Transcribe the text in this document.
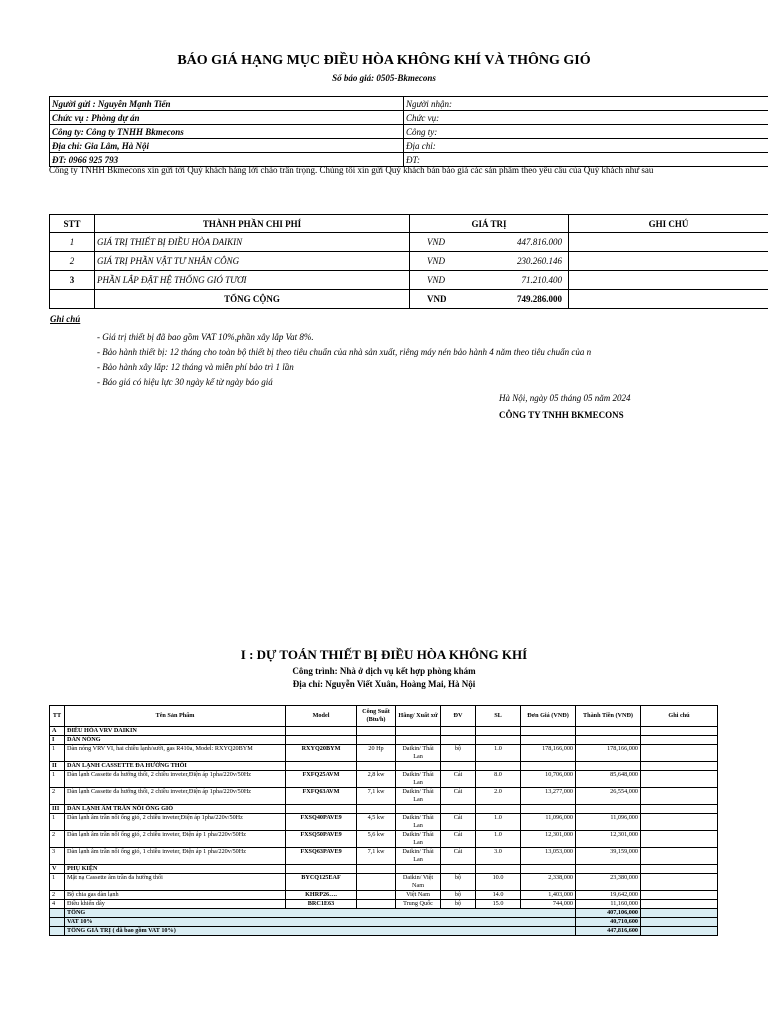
BÁO GIÁ HẠNG MỤC ĐIỀU HÒA KHÔNG KHÍ VÀ THÔNG GIÓ
Số báo giá: 0505-Bkmecons
Người gửi : Nguyễn Mạnh Tiến	Người nhận:
Chức vụ : Phòng dự án	Chức vụ:
Công ty: Công ty TNHH Bkmecons	Công ty:
Địa chỉ: Gia Lâm, Hà Nội	Địa chỉ:
ĐT: 0966 925 793	ĐT:
Công ty TNHH Bkmecons xin gửi tới Quý khách hàng lời chào trân trọng. Chúng tôi xin gửi Quý khách bản báo giá các sản phẩm theo yêu cầu của Quý khách như sau
STT	THÀNH PHẦN CHI PHÍ	GIÁ TRỊ	GHI CHÚ
1	GIÁ TRỊ THIẾT BỊ ĐIỀU HÒA DAIKIN	VND 447.816.000	

2	GIÁ TRỊ PHẦN VẬT TƯ NHÂN CÔNG	VND 230.260.146	

3	PHẦN LẮP ĐẶT HỆ THỐNG GIÓ TƯƠI	VND 71.210.400	

	TỔNG CỘNG	VND 749.286.000	

Ghi chú
- Giá trị thiết bị đã bao gồm VAT 10%,phần xây lắp Vat 8%.
- Bảo hành thiết bị: 12 tháng cho toàn bộ thiết bị theo tiêu chuẩn của nhà sản xuất, riêng máy nén bảo hành 4 năm theo tiêu chuẩn của n
- Bảo hành xây lắp: 12 tháng và miễn phí bảo trì 1 lần
- Báo giá có hiệu lực 30 ngày kể từ ngày báo giá
Hà Nội, ngày 05 tháng 05 năm 2024
CÔNG TY TNHH BKMECONS
I : DỰ TOÁN THIẾT BỊ ĐIỀU HÒA KHÔNG KHÍ
Công trình: Nhà ở dịch vụ kết hợp phòng khám
Địa chỉ: Nguyễn Viết Xuân, Hoàng Mai, Hà Nội
TT	Tên Sản Phẩm	Model	Công Suất (Btu/h)	Hãng/ Xuất xứ	ĐV	SL	Đơn Giá (VNĐ)	Thành Tiền (VNĐ)	Ghi chú
A	ĐIỀU HÒA VRV DAIKIN								
I	DÀN NÓNG								
1	Dàn nóng VRV VI, hai chiều lạnh/sưởi, gas R410a, Model: RXYQ20BYM	RXYQ20BYM	20 Hp	Daikin/ Thái Lan	bộ	1.0	178,166,000	178,166,000	
II	DÀN LẠNH CASSETTE ĐA HƯỚNG THỔI								
1	Dàn lạnh Cassette đa hướng thổi, 2 chiều inveter,Điện áp 1pha/220v/50Hz	FXFQ25AVM	2,8 kw	Daikin/ Thái Lan	Cái	8.0	10,706,000	85,648,000	
2	Dàn lạnh Cassette đa hướng thổi, 2 chiều inveter,Điện áp 1pha/220v/50Hz	FXFQ63AVM	7,1 kw	Daikin/ Thái Lan	Cái	2.0	13,277,000	26,554,000	
III	DÀN LẠNH ÂM TRẦN NỐI ỐNG GIÓ								
1	Dàn lạnh âm trần nối ống gió, 2 chiều inveter,Điện áp 1pha/220v/50Hz	FXSQ40PAVE9	4,5 kw	Daikin/ Thái Lan	Cái	1.0	11,096,000	11,096,000	
2	Dàn lạnh âm trần nối ống gió, 2 chiều inveter, Điện áp 1 pha/220v/50Hz	FXSQ50PAVE9	5,6 kw	Daikin/ Thái Lan	Cái	1.0	12,301,000	12,301,000	
3	Dàn lạnh âm trần nối ống gió, 1 chiều inveter, Điện áp 1 pha/220v/50Hz	FXSQ63PAVE9	7,1 kw	Daikin/ Thái Lan	Cái	3.0	13,053,000	39,159,000	
V	PHỤ KIỆN								
1	Mặt nạ Cassette âm trần đa hướng thổi	BYCQ125EAF		Daikin/ Việt Nam	bộ	10.0	2,338,000	23,380,000	
2	Bộ chia gas dàn lạnh	KHRP26….		Việt Nam	bộ	14.0	1,403,000	19,642,000	
4	Điều khiển dây	BRC1E63		Trung Quốc	bộ	15.0	744,000	11,160,000	
	TỔNG							407,106,000	
	VAT 10%							40,710,600	
	TỔNG GIÁ TRỊ ( đã bao gồm VAT 10%)							447,816,600	
